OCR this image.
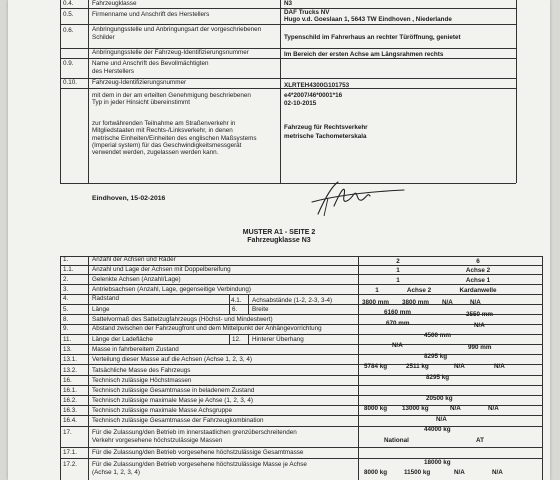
0.4.	Fahrzeugklasse	N3
0.5.	Firmenname und Anschrift des Herstellers	DAF Trucks NV
Hugo v.d. Goeslaan 1, 5643 TW Eindhoven , Niederlande
0.6.	Anbringungsstelle und Anbringungsart der vorgeschriebenen
Schilder	Typenschild im Fahrerhaus an rechter Türöffnung, genietet
Anbringungsstelle der Fahrzeug-Identifizierungsnummer	Im Bereich der ersten Achse am Längsrahmen rechts
0.9.	Name und Anschrift des Bevollmächtigten
des Herstellers
0.10. Fahrzeug-Identifizierungsnummer	XLRTEH4300G101753
mit dem in der am erteilten Genehmigung beschriebenen
Typ in jeder Hinsicht übereinstimmt
e4*2007/46*0001*16
02-10-2015
zur fortwährenden Teilnahme am Straßenverkehr in
Mitgliedstaaten mit Rechts-/Linksverkehr, in denen
metrische Einheiten/Einheiten des englischen Maßsystems
(Imperial system) für das Geschwindigkeitsmessgerät
verwendet werden, zugelassen werden kann.
Fahrzeug für Rechtsverkehr
metrische Tachometerskala
Eindhoven, 15-02-2016
MUSTER A1 - SEITE 2
Fahrzeugklasse N3
1.	Anzahl der Achsen und Räder	2	6
1.1.	Anzahl und Lage der Achsen mit Doppelbereifung	1	Achse 2
2.	Gelenkte Achsen (Anzahl/Lage)	1	Achse 1
3.	Antriebsachsen (Anzahl, Lage, gegenseitige Verbindung)	1	Achse 2	Kardanwelle
4.	Radstand	4.1. Achsabstände (1-2, 2-3, 3-4)	3800 mm 3800 mm N/A	N/A
5.	Länge	6. Breite	6160 mm	2550 mm
8.	Sattelvormaß des Sattelzugfahrzeugs (Höchst- und Mindestwert)
670 mm	N/A
9.	Abstand zwischen der Fahrzeugfront und dem Mittelpunkt der Anhängevorrichtung
4500 mm
11.	Länge der Ladefläche	12. Hinterer Überhang
N/A	990 mm
13.	Masse in fahrbereitem Zustand
8295 kg
13.1. Verteilung dieser Masse auf die Achsen (Achse 1, 2, 3, 4)
5784 kg	2511 kg	N/A	N/A
13.2. Tatsächliche Masse des Fahrzeugs
8295 kg
16.	Technisch zulässige Höchstmassen
16.1. Technisch zulässige Gesamtmasse in beladenem Zustand
20500 kg
16.2. Technisch zulässige maximale Masse je Achse (1, 2, 3, 4)
8000 kg 13000 kg	N/A	N/A
16.3. Technisch zulässige maximale Masse Achsgruppe
N/A
16.4. Technisch zulässige Gesamtmasse der Fahrzeugkombination
44000 kg
17.	Für die Zulassung/den Betrieb im innerstaatlichen grenzüberschreitenden
Verkehr vorgesehene höchstzulässige Massen	National	AT
17.1. Für die Zulassung/den Betrieb vorgesehene höchstzulässige Gesamtmasse
18000 kg
17.2. Für die Zulassung/den Betrieb vorgesehene höchstzulässige Masse je Achse
(Achse 1, 2, 3, 4)	8000 kg	11500 kg	N/A	N/A
